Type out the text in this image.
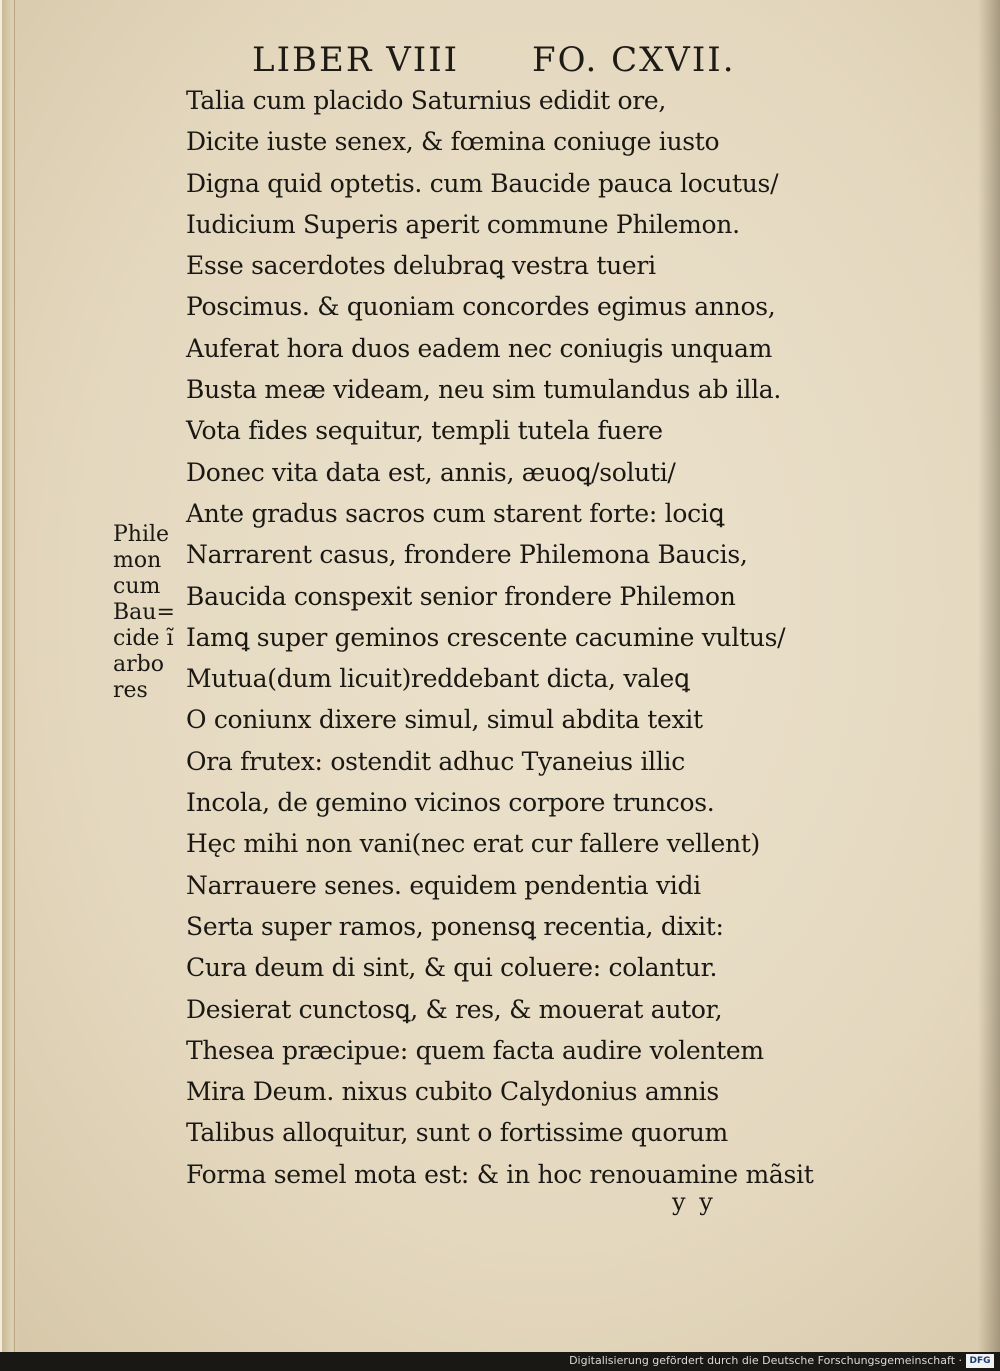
LIBER VIII FO. CXVII.
Talia cum placido Saturnius edidit ore,
Dicite iuste senex, & fœmina coniuge iusto
Digna quid optetis. cum Baucide pauca locutus/
Iudicium Superis aperit commune Philemon.
Esse sacerdotes delubraꝗ vestra tueri
Poscimus. & quoniam concordes egimus annos,
Auferat hora duos eadem nec coniugis unquam
Busta meæ videam, neu sim tumulandus ab illa.
Vota fides sequitur, templi tutela fuere
Donec vita data est, annis, æuoꝗ/soluti/
Ante gradus sacros cum starent forte: lociꝗ
Narrarent casus, frondere Philemona Baucis,
Baucida conspexit senior frondere Philemon
Iamꝗ super geminos crescente cacumine vultus/
Mutua(dum licuit)reddebant dicta, valeꝗ
O coniunx dixere simul, simul abdita texit
Ora frutex: ostendit adhuc Tyaneius illic
Incola, de gemino vicinos corpore truncos.
Hęc mihi non vani(nec erat cur fallere vellent)
Narrauere senes. equidem pendentia vidi
Serta super ramos, ponensꝗ recentia, dixit:
Cura deum di sint, & qui coluere: colantur.
Desierat cunctosꝗ, & res, & mouerat autor,
Thesea præcipue: quem facta audire volentem
Mira Deum. nixus cubito Calydonius amnis
Talibus alloquitur, sunt o fortissime quorum
Forma semel mota est: & in hoc renouamine mãsit
Phile
mon
cum
Bau=
cide ĩ
arbo
res
y y
Digitalisierung gefördert durch die Deutsche Forschungsgemeinschaft · DFG
